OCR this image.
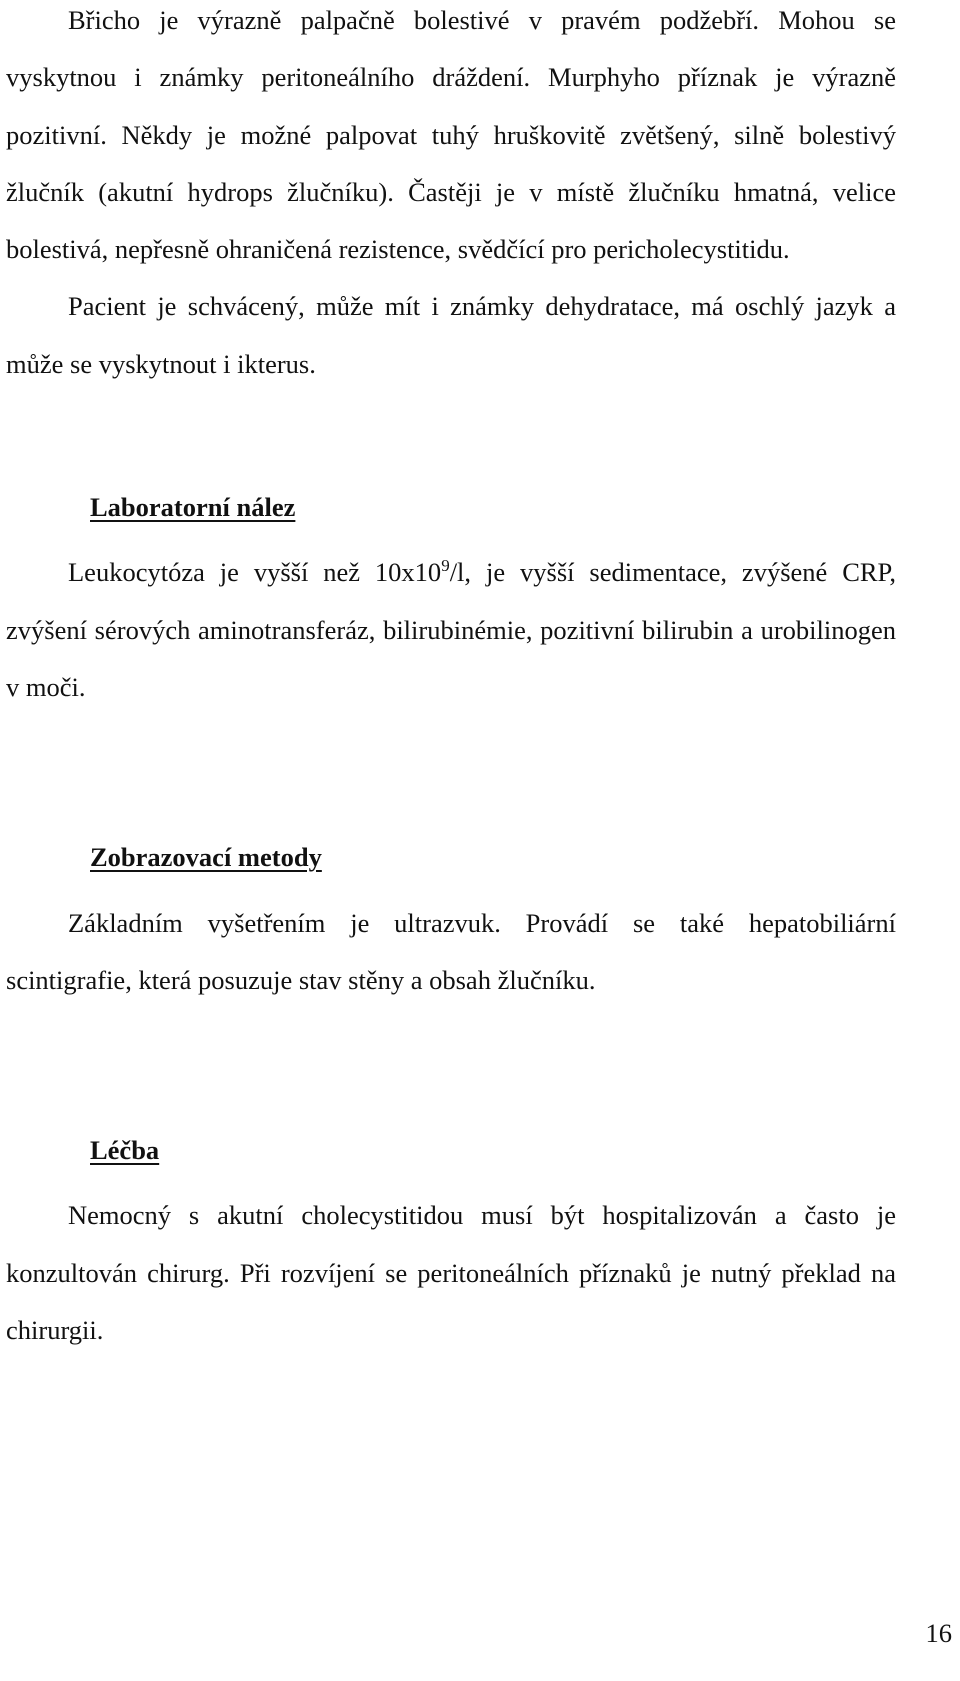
Břicho je výrazně palpačně bolestivé v pravém podžebří. Mohou se vyskytnou i známky peritoneálního dráždení. Murphyho příznak je výrazně pozitivní. Někdy je možné palpovat tuhý hruškovitě zvětšený, silně bolestivý žlučník (akutní hydrops žlučníku). Častěji je v místě žlučníku hmatná, velice bolestivá, nepřesně ohraničená rezistence, svědčící pro pericholecystitidu.

Pacient je schvácený, může mít i známky dehydratace, má oschlý jazyk a může se vyskytnout i ikterus.

Laboratorní nález

Leukocytóza je vyšší než $10x10^9/l$, je vyšší sedimentace, zvýšené CRP, zvýšení sérových aminotransferáz, bilirubinémie, pozitivní bilirubin a urobilinogen v moči.

Zobrazovací metody

Základním vyšetřením je ultrazvuk. Provádí se také hepatobiliární scintigrafie, která posuzuje stav stěny a obsah žlučníku.

Léčba

Nemocný s akutní cholecystitidou musí být hospitalizován a často je konzultován chirurg. Při rozvíjení se peritoneálních příznaků je nutný překlad na chirurgii.

16
